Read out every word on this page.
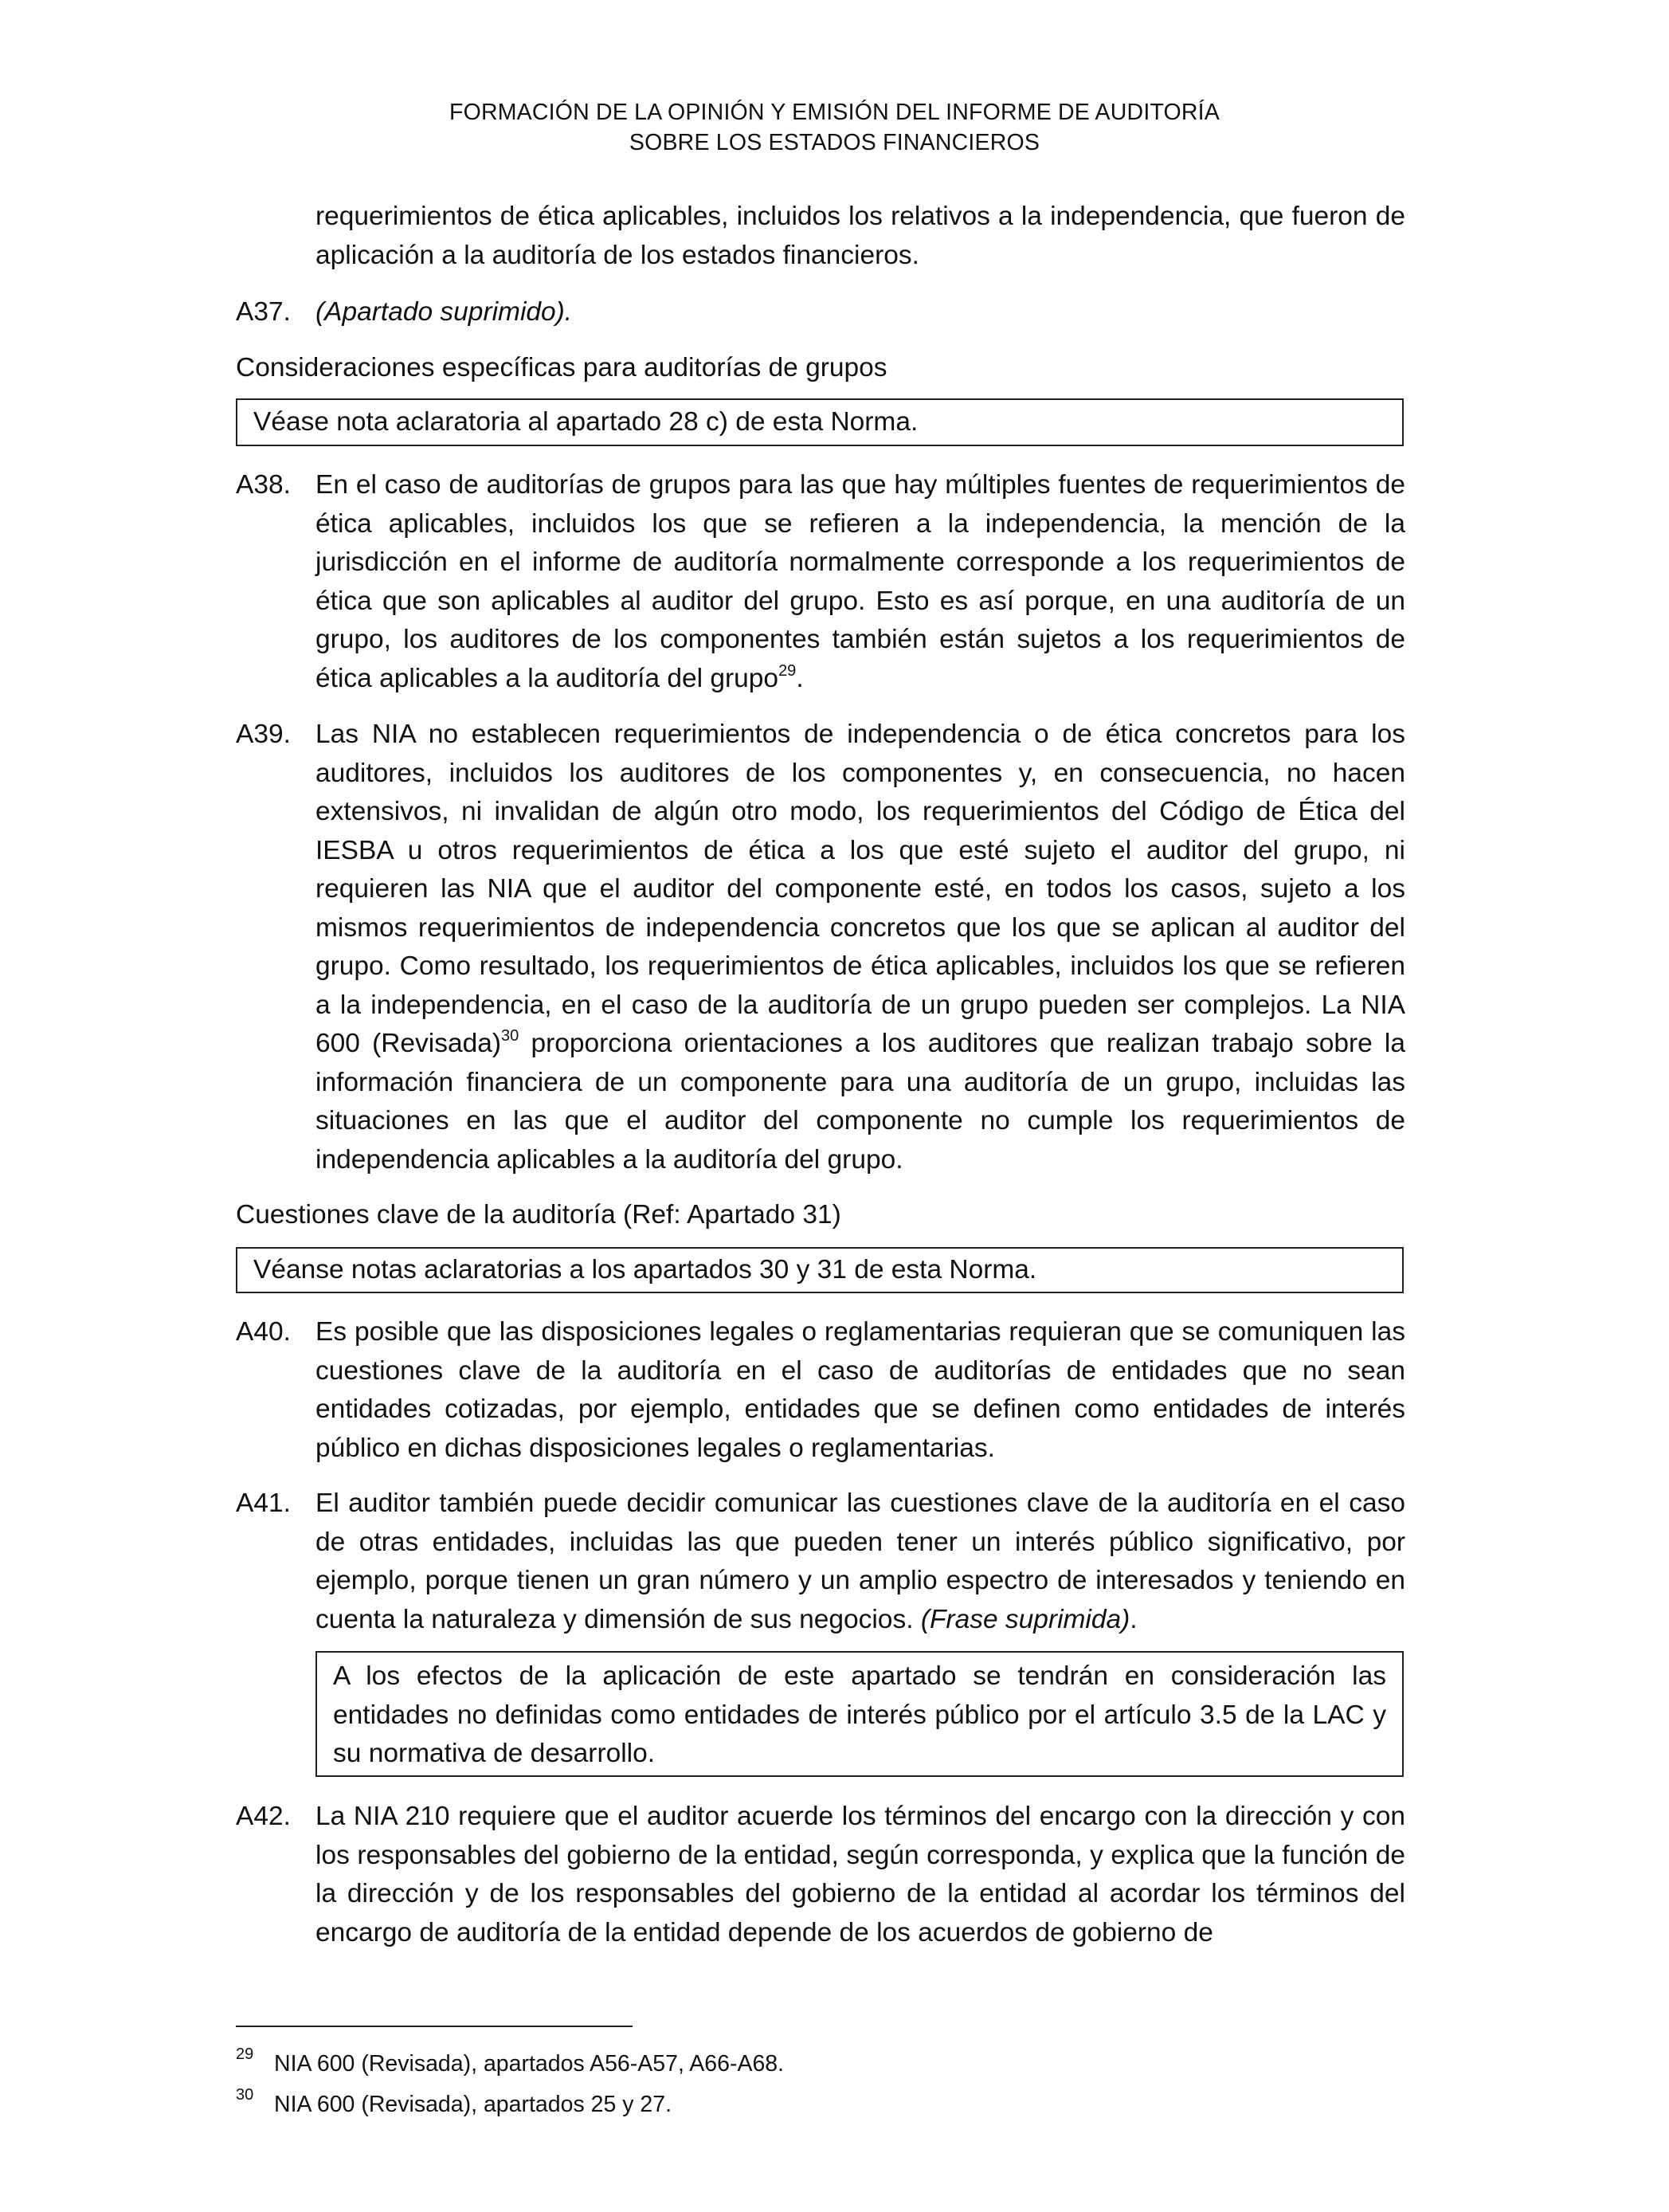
FORMACIÓN DE LA OPINIÓN Y EMISIÓN DEL INFORME DE AUDITORÍA
SOBRE LOS ESTADOS FINANCIEROS
requerimientos de ética aplicables, incluidos los relativos a la independencia, que fueron de aplicación a la auditoría de los estados financieros.
A37. (Apartado suprimido).
Consideraciones específicas para auditorías de grupos
Véase nota aclaratoria al apartado 28 c) de esta Norma.
A38. En el caso de auditorías de grupos para las que hay múltiples fuentes de requerimientos de ética aplicables, incluidos los que se refieren a la independencia, la mención de la jurisdicción en el informe de auditoría normalmente corresponde a los requerimientos de ética que son aplicables al auditor del grupo. Esto es así porque, en una auditoría de un grupo, los auditores de los componentes también están sujetos a los requerimientos de ética aplicables a la auditoría del grupo$^{29}$.
A39. Las NIA no establecen requerimientos de independencia o de ética concretos para los auditores, incluidos los auditores de los componentes y, en consecuencia, no hacen extensivos, ni invalidan de algún otro modo, los requerimientos del Código de Ética del IESBA u otros requerimientos de ética a los que esté sujeto el auditor del grupo, ni requieren las NIA que el auditor del componente esté, en todos los casos, sujeto a los mismos requerimientos de independencia concretos que los que se aplican al auditor del grupo. Como resultado, los requerimientos de ética aplicables, incluidos los que se refieren a la independencia, en el caso de la auditoría de un grupo pueden ser complejos. La NIA 600 (Revisada)$^{30}$ proporciona orientaciones a los auditores que realizan trabajo sobre la información financiera de un componente para una auditoría de un grupo, incluidas las situaciones en las que el auditor del componente no cumple los requerimientos de independencia aplicables a la auditoría del grupo.
Cuestiones clave de la auditoría (Ref: Apartado 31)
Véanse notas aclaratorias a los apartados 30 y 31 de esta Norma.
A40. Es posible que las disposiciones legales o reglamentarias requieran que se comuniquen las cuestiones clave de la auditoría en el caso de auditorías de entidades que no sean entidades cotizadas, por ejemplo, entidades que se definen como entidades de interés público en dichas disposiciones legales o reglamentarias.
A41. El auditor también puede decidir comunicar las cuestiones clave de la auditoría en el caso de otras entidades, incluidas las que pueden tener un interés público significativo, por ejemplo, porque tienen un gran número y un amplio espectro de interesados y teniendo en cuenta la naturaleza y dimensión de sus negocios. (Frase suprimida).
A los efectos de la aplicación de este apartado se tendrán en consideración las entidades no definidas como entidades de interés público por el artículo 3.5 de la LAC y su normativa de desarrollo.
A42. La NIA 210 requiere que el auditor acuerde los términos del encargo con la dirección y con los responsables del gobierno de la entidad, según corresponda, y explica que la función de la dirección y de los responsables del gobierno de la entidad al acordar los términos del encargo de auditoría de la entidad depende de los acuerdos de gobierno de
29 NIA 600 (Revisada), apartados A56-A57, A66-A68.
30 NIA 600 (Revisada), apartados 25 y 27.
